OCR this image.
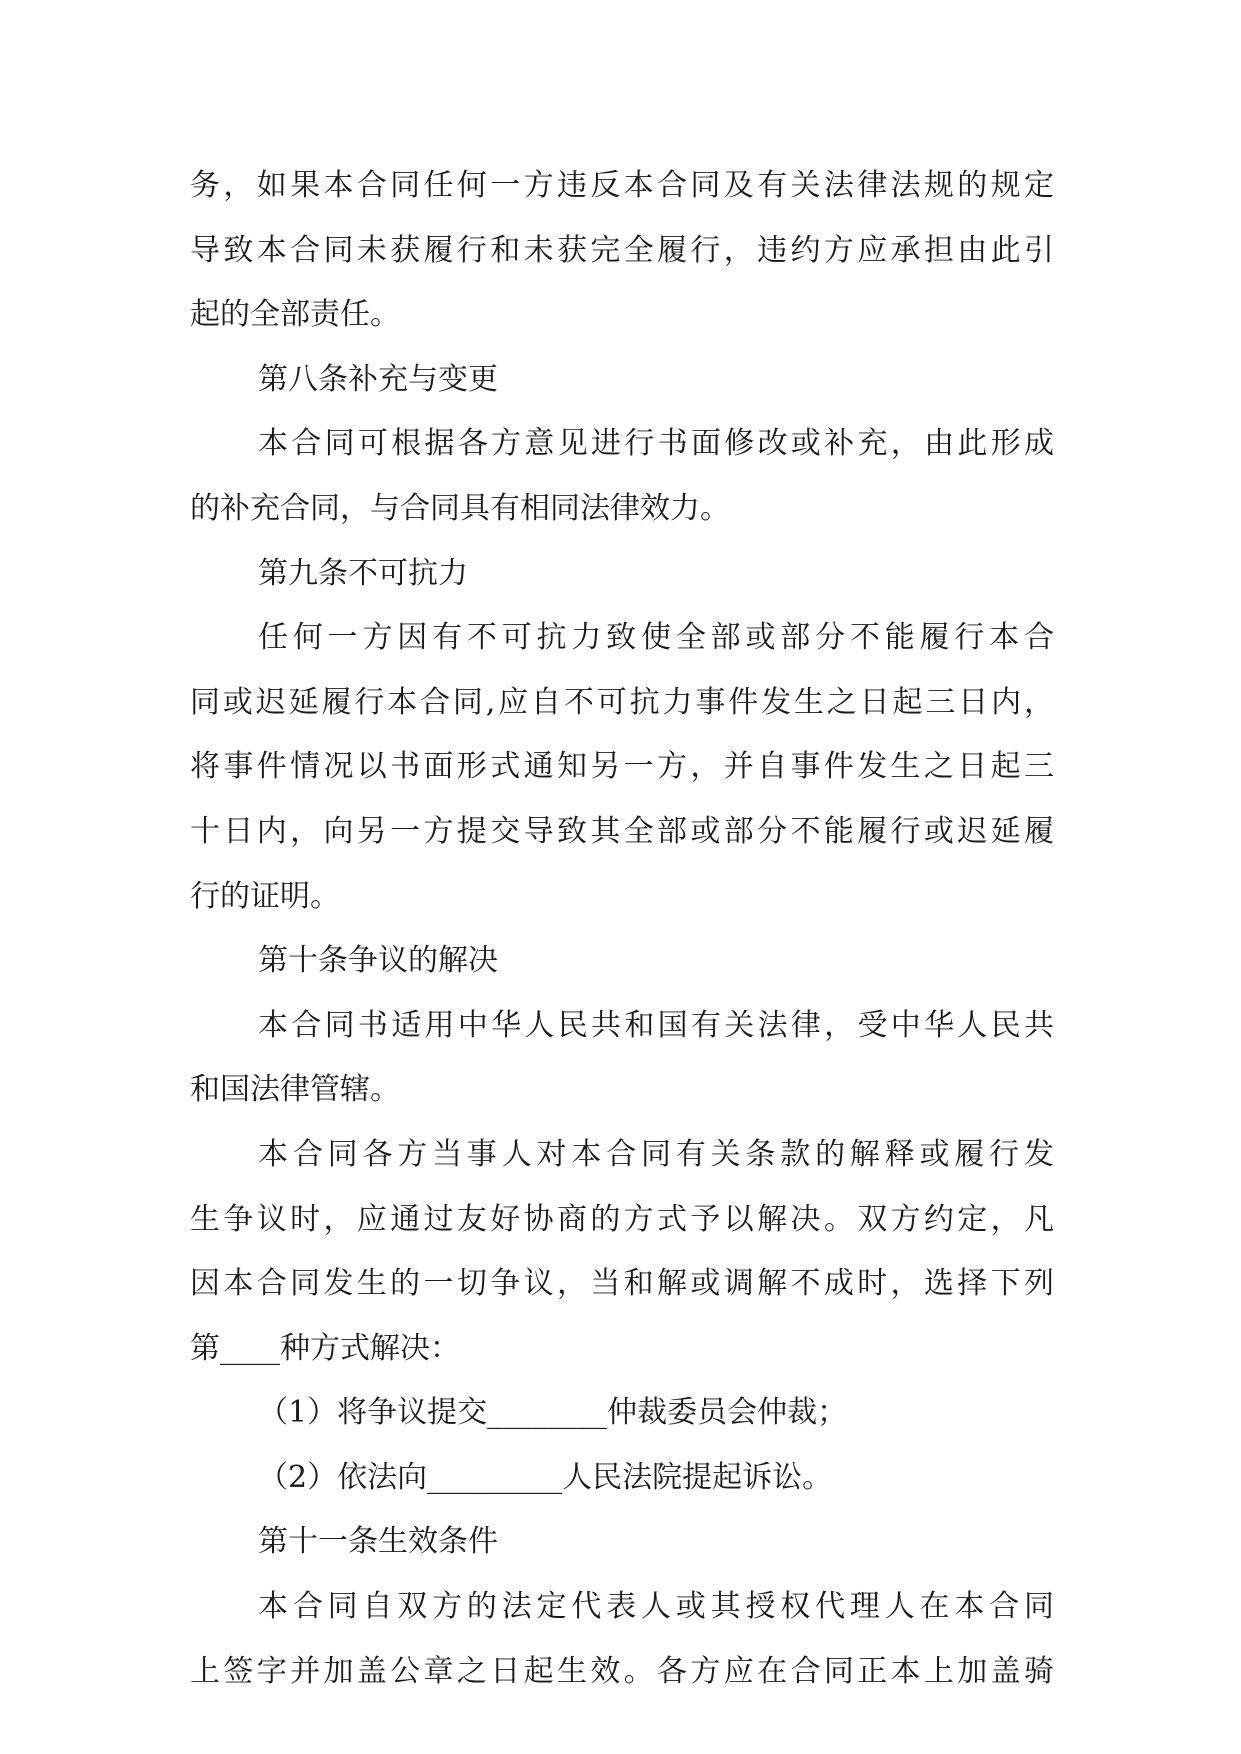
务，如果本合同任何一方违反本合同及有关法律法规的规定
导致本合同未获履行和未获完全履行，违约方应承担由此引
起的全部责任。
第八条补充与变更
本合同可根据各方意见进行书面修改或补充，由此形成
的补充合同，与合同具有相同法律效力。
第九条不可抗力
任何一方因有不可抗力致使全部或部分不能履行本合
同或迟延履行本合同,应自不可抗力事件发生之日起三日内，
将事件情况以书面形式通知另一方，并自事件发生之日起三
十日内，向另一方提交导致其全部或部分不能履行或迟延履
行的证明。
第十条争议的解决
本合同书适用中华人民共和国有关法律，受中华人民共
和国法律管辖。
本合同各方当事人对本合同有关条款的解释或履行发
生争议时，应通过友好协商的方式予以解决。双方约定，凡
因本合同发生的一切争议，当和解或调解不成时，选择下列
第____种方式解决：
（1）将争议提交________仲裁委员会仲裁；
（2）依法向_________人民法院提起诉讼。
第十一条生效条件
本合同自双方的法定代表人或其授权代理人在本合同
上签字并加盖公章之日起生效。各方应在合同正本上加盖骑
